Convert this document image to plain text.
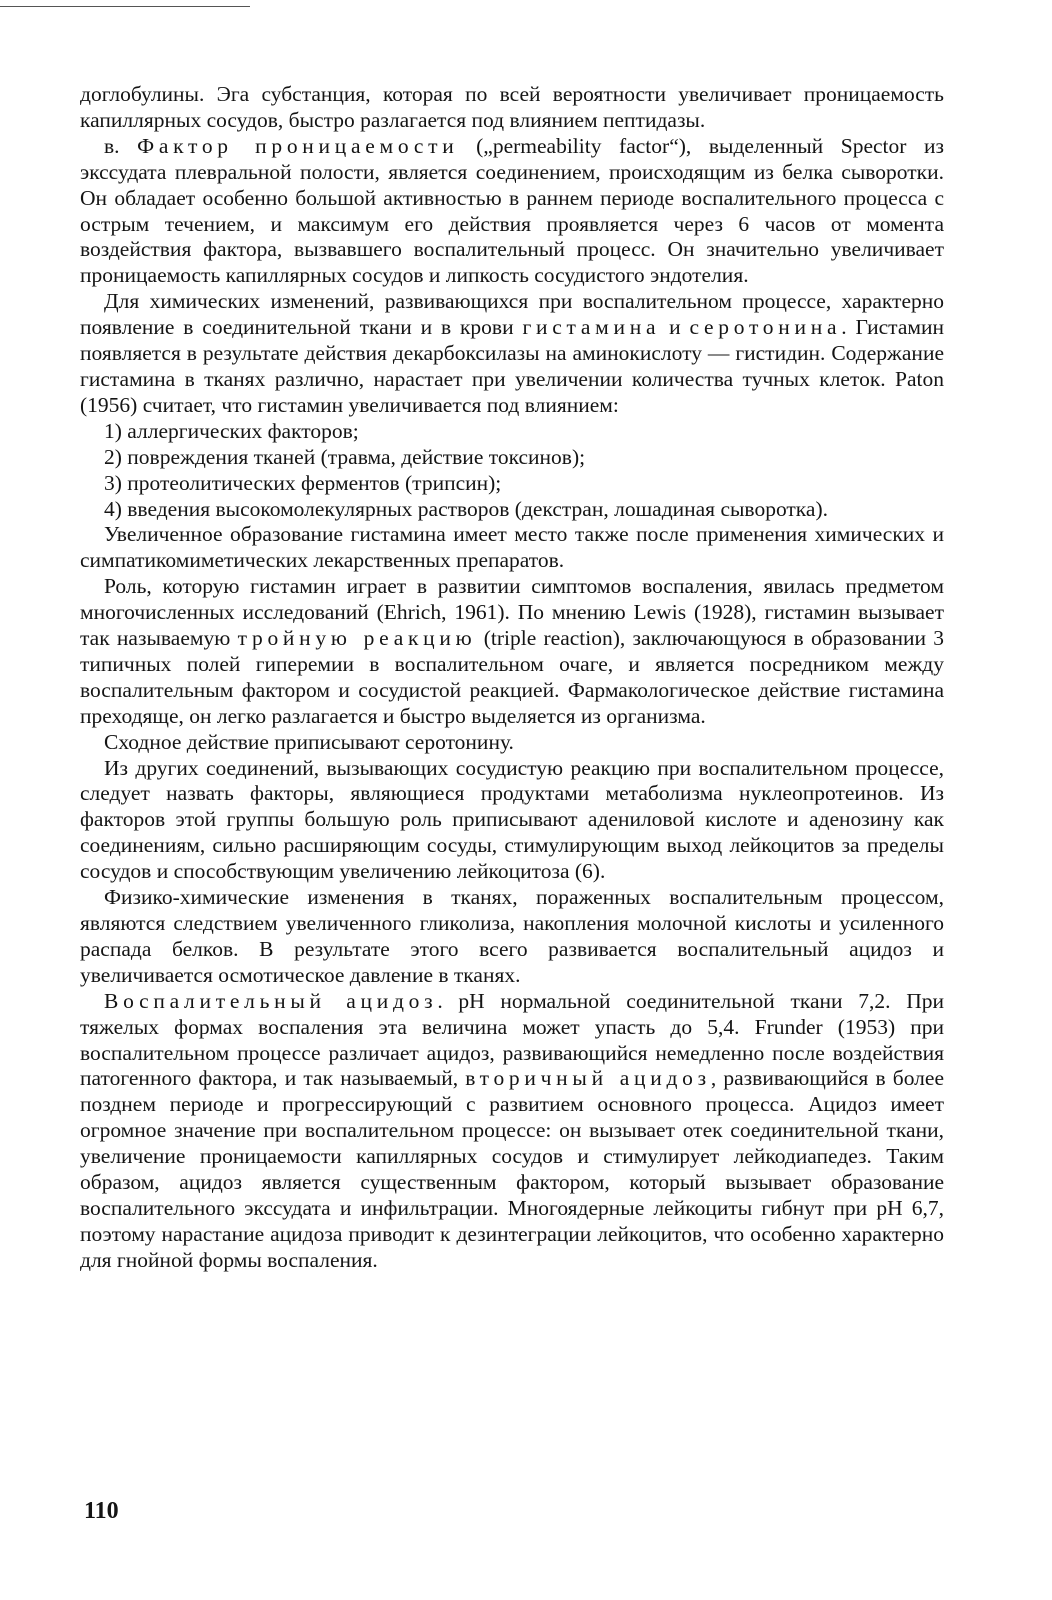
доглобулины. Эга субстанция, которая по всей вероятности увеличивает проницаемость капиллярных сосудов, быстро разлагается под влиянием пептидазы.

в. Фактор проницаемости („permeability factor“), выделенный Spector из экссудата плевральной полости, является соединением, происходящим из белка сыворотки. Он обладает особенно большой активностью в раннем периоде воспалительного процесса с острым течением, и максимум его действия проявляется через 6 часов от момента воздействия фактора, вызвавшего воспалительный процесс. Он значительно увеличивает проницаемость капиллярных сосудов и липкость сосудистого эндотелия.

Для химических изменений, развивающихся при воспалительном процессе, характерно появление в соединительной ткани и в крови гистамина и серотонина. Гистамин появляется в результате действия декарбоксилазы на аминокислоту — гистидин. Содержание гистамина в тканях различно, нарастает при увеличении количества тучных клеток. Paton (1956) считает, что гистамин увеличивается под влиянием:

1) аллергических факторов;

2) повреждения тканей (травма, действие токсинов);

3) протеолитических ферментов (трипсин);

4) введения высокомолекулярных растворов (декстран, лошадиная сыворотка).

Увеличенное образование гистамина имеет место также после применения химических и симпатикомиметических лекарственных препаратов.

Роль, которую гистамин играет в развитии симптомов воспаления, явилась предметом многочисленных исследований (Ehrich, 1961). По мнению Lewis (1928), гистамин вызывает так называемую тройную реакцию (triple reaction), заключающуюся в образовании 3 типичных полей гиперемии в воспалительном очаге, и является посредником между воспалительным фактором и сосудистой реакцией. Фармакологическое действие гистамина преходяще, он легко разлагается и быстро выделяется из организма.

Сходное действие приписывают серотонину.

Из других соединений, вызывающих сосудистую реакцию при воспалительном процессе, следует назвать факторы, являющиеся продуктами метаболизма нуклеопротеинов. Из факторов этой группы большую роль приписывают адениловой кислоте и аденозину как соединениям, сильно расширяющим сосуды, стимулирующим выход лейкоцитов за пределы сосудов и способствующим увеличению лейкоцитоза (6).

Физико-химические изменения в тканях, пораженных воспалительным процессом, являются следствием увеличенного гликолиза, накопления молочной кислоты и усиленного распада белков. В результате этого всего развивается воспалительный ацидоз и увеличивается осмотическое давление в тканях.

Воспалительный ацидоз. pH нормальной соединительной ткани 7,2. При тяжелых формах воспаления эта величина может упасть до 5,4. Frunder (1953) при воспалительном процессе различает ацидоз, развивающийся немедленно после воздействия патогенного фактора, и так называемый, вторичный ацидоз, развивающийся в более позднем периоде и прогрессирующий с развитием основного процесса. Ацидоз имеет огромное значение при воспалительном процессе: он вызывает отек соединительной ткани, увеличение проницаемости капиллярных сосудов и стимулирует лейкодиапедез. Таким образом, ацидоз является существенным фактором, который вызывает образование воспалительного экссудата и инфильтрации. Многоядерные лейкоциты гибнут при pH 6,7, поэтому нарастание ацидоза приводит к дезинтеграции лейкоцитов, что особенно характерно для гнойной формы воспаления.

110
